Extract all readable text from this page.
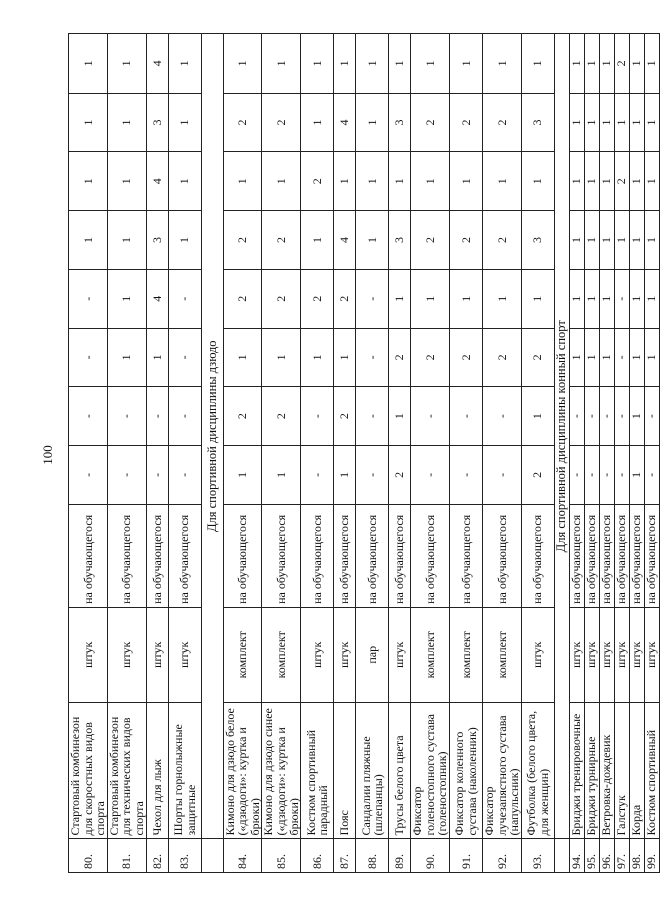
100
80.	Стартовый комбинезон для скоростных видов спорта	штук	на обучающегося	-	-	-	-	1	1	1	1
81.	Стартовый комбинезон для технических видов спорта	штук	на обучающегося	-	-	1	1	1	1	1	1
82.	Чехол для лыж	штук	на обучающегося	-	-	1	4	3	4	3	4
83.	Шорты горнолыжные защитные	штук	на обучающегося	-	-	-	-	1	1	1	1
	Для спортивной дисциплины дзюдо										
84.	Кимоно для дзюдо белое («дзюдоги»: куртка и брюки)	комплект	на обучающегося	1	2	1	2	2	1	2	1
85.	Кимоно для дзюдо синее («дзюдоги»: куртка и брюки)	комплект	на обучающегося	1	2	1	2	2	1	2	1
86.	Костюм спортивный парадный	штук	на обучающегося	-	-	1	2	1	2	1	1
87.	Пояс	штук	на обучающегося	1	2	1	2	4	1	4	1
88.	Сандалии пляжные (шлепанцы)	пар	на обучающегося	-	-	-	-	1	1	1	1
89.	Трусы белого цвета	штук	на обучающегося	2	1	2	1	3	1	3	1
90.	Фиксатор голеностопного сустава (голеностопник)	комплект	на обучающегося	-	-	2	1	2	1	2	1
91.	Фиксатор коленного сустава (наколенник)	комплект	на обучающегося	-	-	2	1	2	1	2	1
92.	Фиксатор лучезапястного сустава (напульсник)	комплект	на обучающегося	-	-	2	1	2	1	2	1
93.	Футболка (белого цвета, для женщин)	штук	на обучающегося	2	1	2	1	3	1	3	1
	Для спортивной дисциплины конный спорт										
94.	Бриджи тренировочные	штук	на обучающегося	-	-	1	1	1	1	1	1
95.	Бриджи турнирные	штук	на обучающегося	-	-	1	1	1	1	1	1
96.	Ветровка-дождевик	штук	на обучающегося	-	-	1	1	1	1	1	1
97.	Галстук	штук	на обучающегося	-	-	-	-	1	2	1	2
98.	Корда	штук	на обучающегося	1	1	1	1	1	1	1	1
99.	Костюм спортивный	штук	на обучающегося	-	-	1	1	1	1	1	1
